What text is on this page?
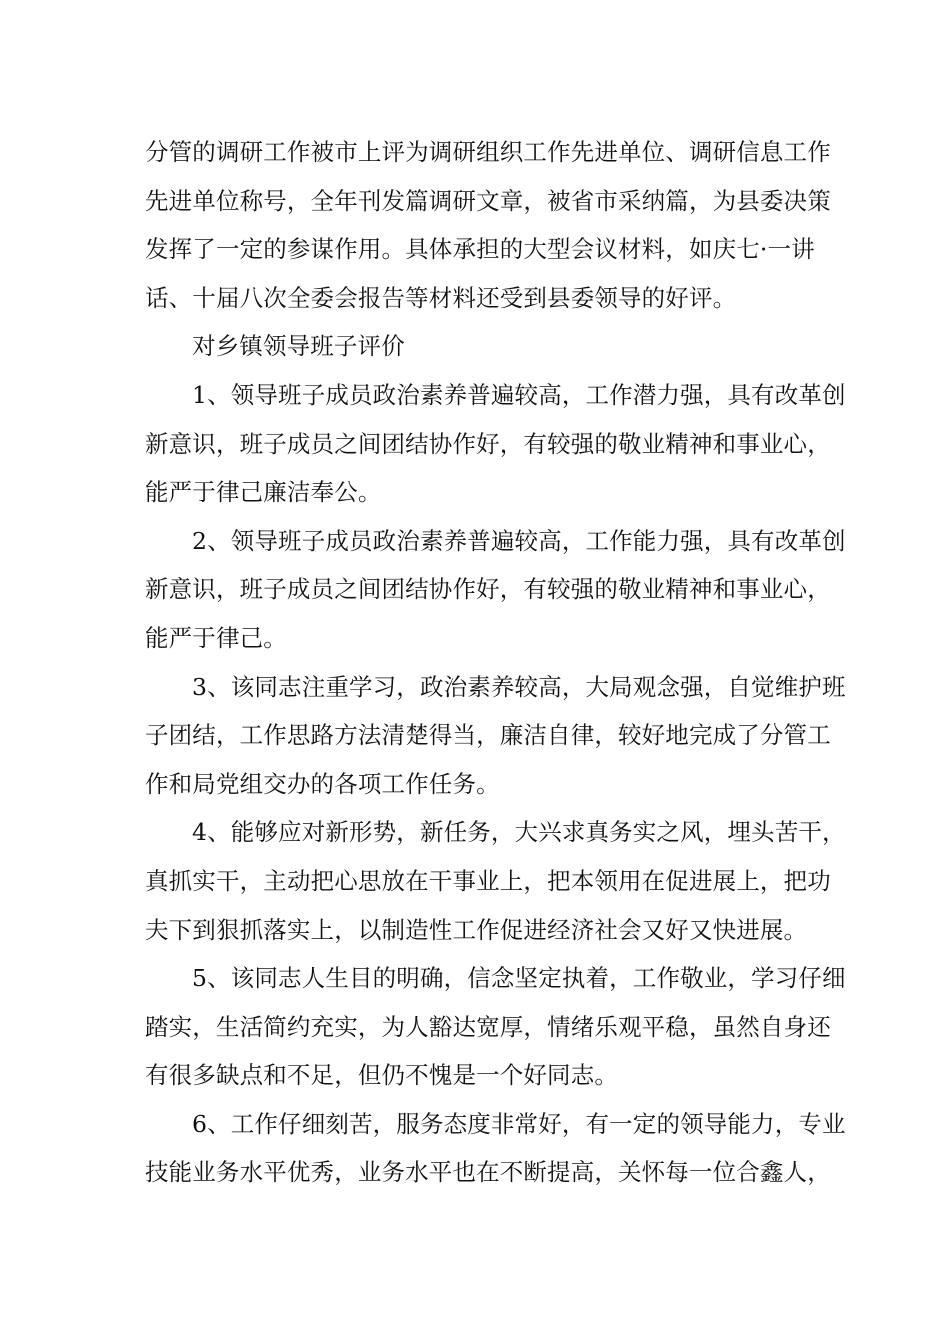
分管的调研工作被市上评为调研组织工作先进单位、调研信息工作
先进单位称号，全年刊发篇调研文章，被省市采纳篇，为县委决策
发挥了一定的参谋作用。具体承担的大型会议材料，如庆七·一讲
话、十届八次全委会报告等材料还受到县委领导的好评。
对乡镇领导班子评价
1、领导班子成员政治素养普遍较高，工作潜力强，具有改革创
新意识，班子成员之间团结协作好，有较强的敬业精神和事业心，
能严于律己廉洁奉公。
2、领导班子成员政治素养普遍较高，工作能力强，具有改革创
新意识，班子成员之间团结协作好，有较强的敬业精神和事业心，
能严于律己。
3、该同志注重学习，政治素养较高，大局观念强，自觉维护班
子团结，工作思路方法清楚得当，廉洁自律，较好地完成了分管工
作和局党组交办的各项工作任务。
4、能够应对新形势，新任务，大兴求真务实之风，埋头苦干，
真抓实干，主动把心思放在干事业上，把本领用在促进展上，把功
夫下到狠抓落实上，以制造性工作促进经济社会又好又快进展。
5、该同志人生目的明确，信念坚定执着，工作敬业，学习仔细
踏实，生活简约充实，为人豁达宽厚，情绪乐观平稳，虽然自身还
有很多缺点和不足，但仍不愧是一个好同志。
6、工作仔细刻苦，服务态度非常好，有一定的领导能力，专业
技能业务水平优秀，业务水平也在不断提高，关怀每一位合鑫人，
